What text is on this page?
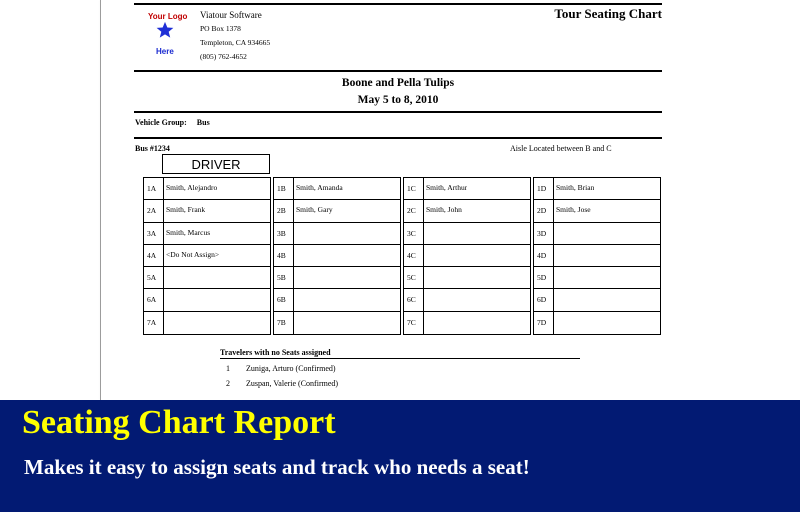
Your Logo
Here
Viatour Software
PO Box 1378
Templeton, CA 934665
(805) 762-4652
Tour Seating Chart
Boone and Pella Tulips
May 5 to 8, 2010
Vehicle Group: Bus
Bus #1234	Aisle Located between B and C
DRIVER
1A	Smith, Alejandro
2A	Smith, Frank
3A	Smith, Marcus
4A	<Do Not Assign>
5A
6A
7A
1B	Smith, Amanda
2B	Smith, Gary
3B
4B
5B
6B
7B
1C	Smith, Arthur
2C	Smith, John
3C
4C
5C
6C
7C
1D	Smith, Brian
2D	Smith, Jose
3D
4D
5D
6D
7D
Travelers with no Seats assigned
1 Zuniga, Arturo (Confirmed)
2 Zuspan, Valerie (Confirmed)
Seating Chart Report
Makes it easy to assign seats and track who needs a seat!
